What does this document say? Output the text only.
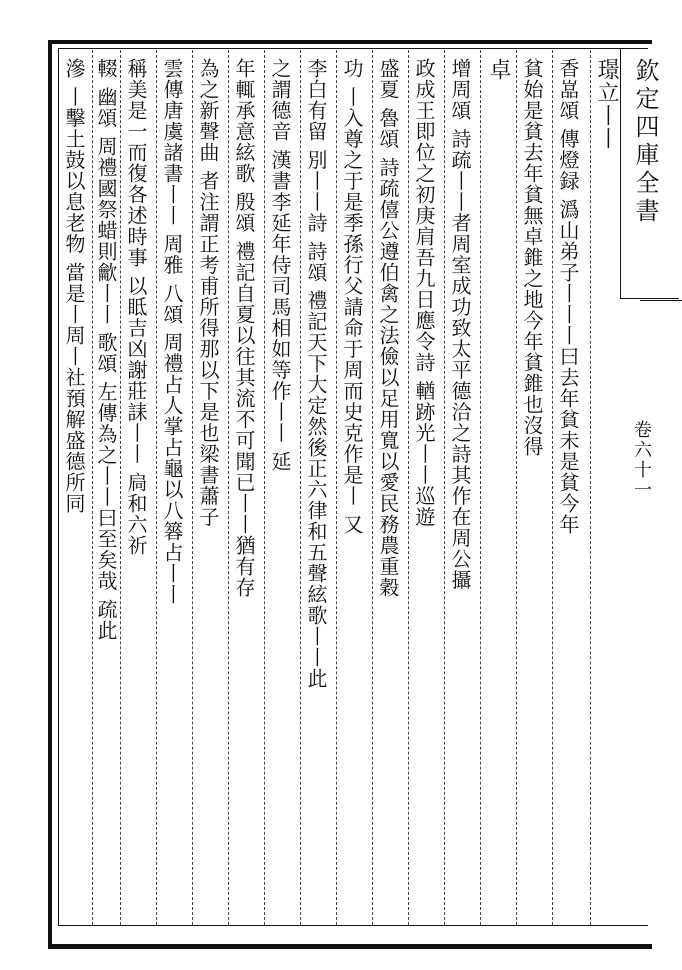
欽定四庫全書
卷六十一
璟立丨丨
香嵓頌 傳燈録 潙山弟子丨丨丨曰去年貧未是貧今年
貧始是貧去年貧無卓錐之地今年貧錐也沒得
卓
增周頌 詩疏丨丨者周室成功致太平德洽之詩其作在周公攝
政成王即位之初庚肩吾九日應令詩 輶跡光丨丨巡遊
盛夏 魯頌 詩疏僖公遵伯禽之法儉以足用寬以愛民務農重穀
功 丨入尊之于是季孫行父請命于周而史克作是丨 又
李白有留 別丨丨詩 詩頌 禮記天下大定然後正六律和五聲絃歌丨丨此
之謂德音 漢書李延年侍司馬相如等作丨丨 延
年輒承意絃歌 殷頌 禮記自夏以往其流不可聞已丨丨猶有存
為之新聲曲 者注謂正考甫所得那以下是也梁書蕭子
雲傳唐虞諸書丨丨 周雅 八頌 周禮占人掌占龜以八簭占丨丨
稱美是一而復各述時事 以眡吉凶謝莊誄丨丨 扃和六祈
輟 幽頌 周禮國祭蜡則龡丨丨 歌頌 左傳為之丨丨曰至矣哉 疏此
滲 丨擊土鼓以息老物 當是丨周丨社預解盛德所同
